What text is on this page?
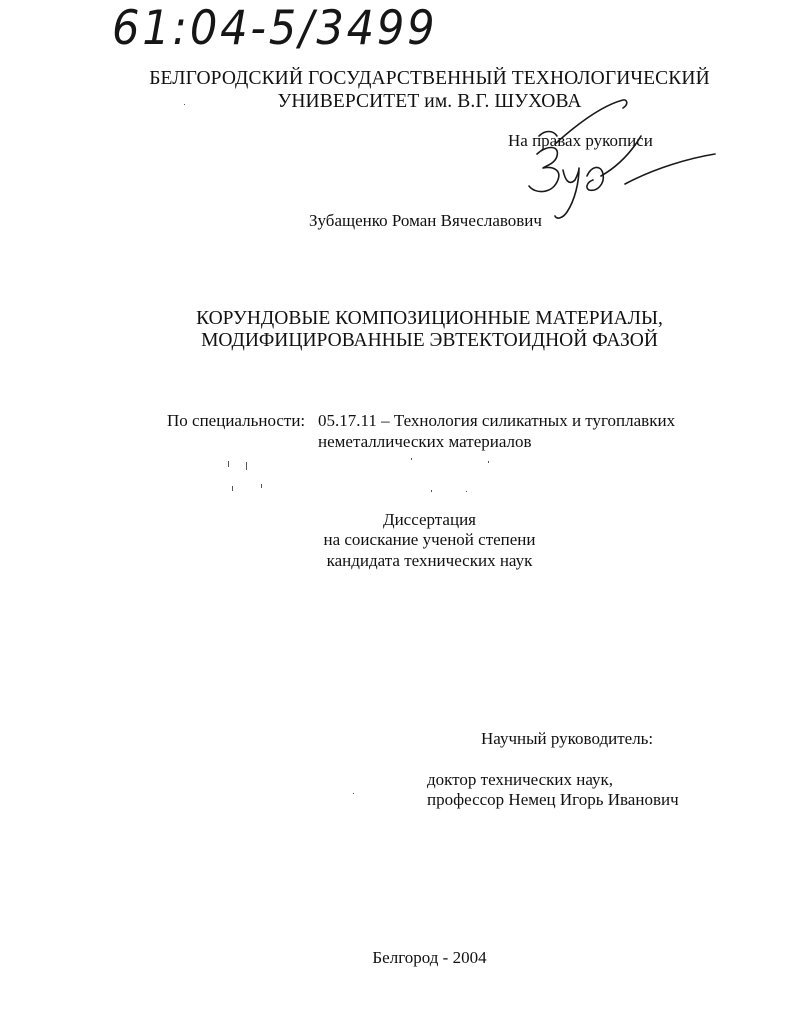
61:04-5/3499
БЕЛГОРОДСКИЙ ГОСУДАРСТВЕННЫЙ ТЕХНОЛОГИЧЕСКИЙ
УНИВЕРСИТЕТ им. В.Г. ШУХОВА
На правах рукописи
Зубащенко Роман Вячеславович
КОРУНДОВЫЕ КОМПОЗИЦИОННЫЕ МАТЕРИАЛЫ,
МОДИФИЦИРОВАННЫЕ ЭВТЕКТОИДНОЙ ФАЗОЙ
По специальности: 05.17.11 – Технология силикатных и тугоплавких
неметаллических материалов
Диссертация
на соискание ученой степени
кандидата технических наук
Научный руководитель:
доктор технических наук,
профессор Немец Игорь Иванович
Белгород - 2004
